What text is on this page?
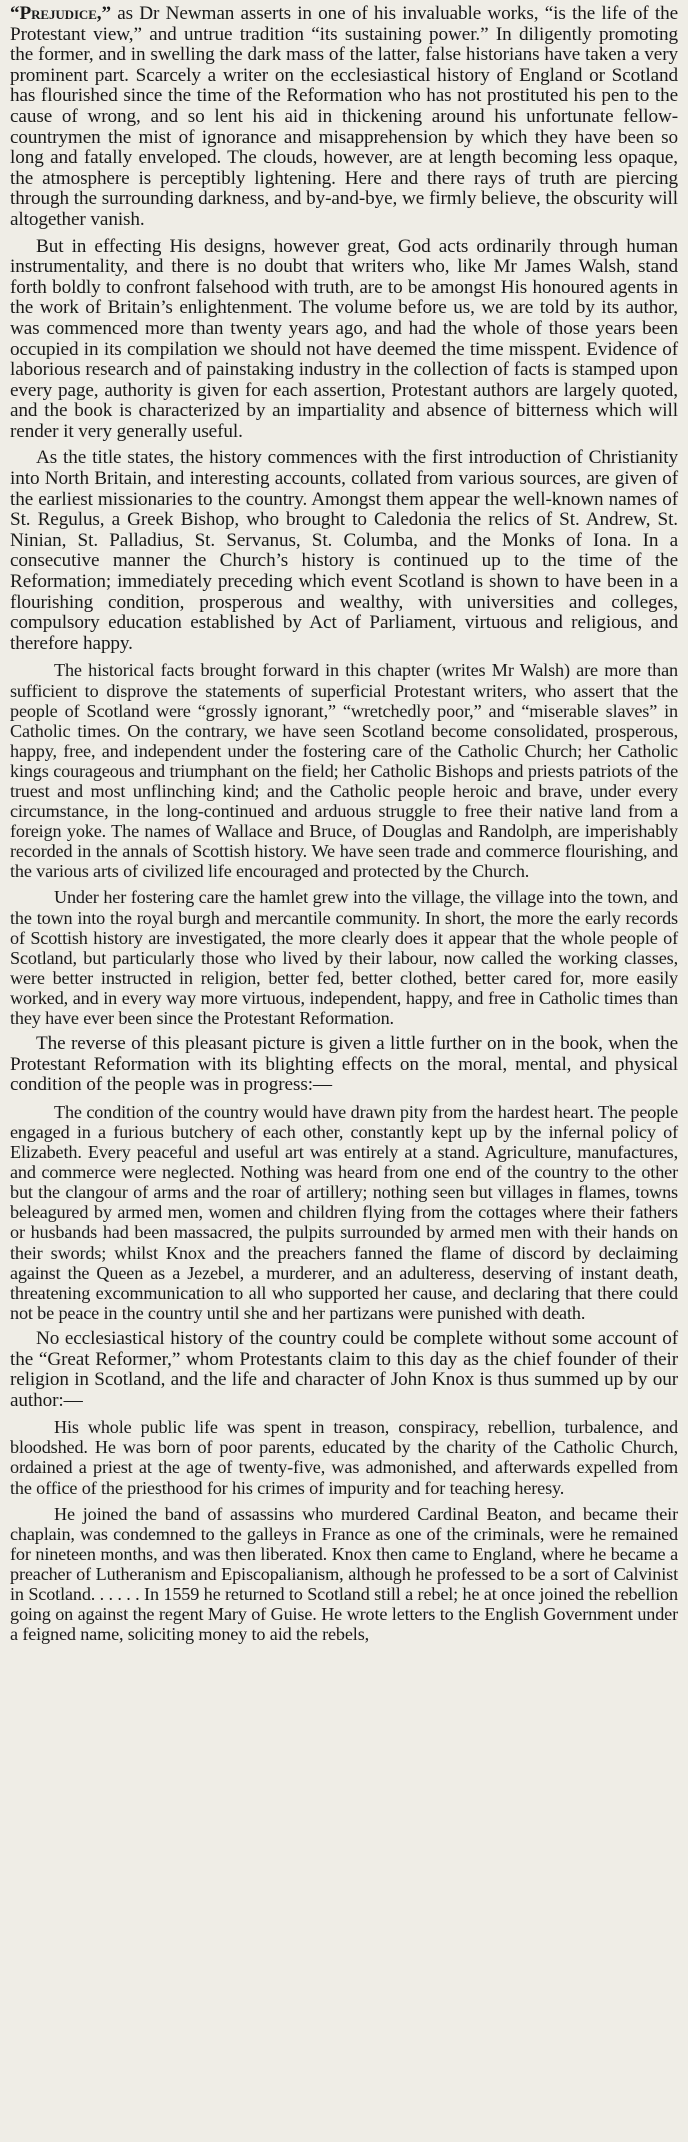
“Prejudice,” as Dr Newman asserts in one of his invaluable works, “is the life of the Protestant view,” and untrue tradition “its sustaining power.” In diligently promoting the former, and in swelling the dark mass of the latter, false historians have taken a very prominent part. Scarcely a writer on the ecclesiastical history of England or Scotland has flourished since the time of the Reformation who has not prostituted his pen to the cause of wrong, and so lent his aid in thickening around his unfortunate fellow-countrymen the mist of ignorance and misapprehension by which they have been so long and fatally enveloped. The clouds, however, are at length becoming less opaque, the atmosphere is perceptibly lightening. Here and there rays of truth are piercing through the surrounding darkness, and by-and-bye, we firmly believe, the obscurity will altogether vanish.

But in effecting His designs, however great, God acts ordinarily through human instrumentality, and there is no doubt that writers who, like Mr James Walsh, stand forth boldly to confront falsehood with truth, are to be amongst His honoured agents in the work of Britain’s enlightenment. The volume before us, we are told by its author, was commenced more than twenty years ago, and had the whole of those years been occupied in its compilation we should not have deemed the time misspent. Evidence of laborious research and of painstaking industry in the collection of facts is stamped upon every page, authority is given for each assertion, Protestant authors are largely quoted, and the book is characterized by an impartiality and absence of bitterness which will render it very generally useful.

As the title states, the history commences with the first introduction of Christianity into North Britain, and interesting accounts, collated from various sources, are given of the earliest missionaries to the country. Amongst them appear the well-known names of St. Regulus, a Greek Bishop, who brought to Caledonia the relics of St. Andrew, St. Ninian, St. Palladius, St. Servanus, St. Columba, and the Monks of Iona. In a consecutive manner the Church’s history is continued up to the time of the Reformation; immediately preceding which event Scotland is shown to have been in a flourishing condition, prosperous and wealthy, with universities and colleges, compulsory education established by Act of Parliament, virtuous and religious, and therefore happy.

The historical facts brought forward in this chapter (writes Mr Walsh) are more than sufficient to disprove the statements of superficial Protestant writers, who assert that the people of Scotland were “grossly ignorant,” “wretchedly poor,” and “miserable slaves” in Catholic times. On the contrary, we have seen Scotland become consolidated, prosperous, happy, free, and independent under the fostering care of the Catholic Church; her Catholic kings courageous and triumphant on the field; her Catholic Bishops and priests patriots of the truest and most unflinching kind; and the Catholic people heroic and brave, under every circumstance, in the long-continued and arduous struggle to free their native land from a foreign yoke. The names of Wallace and Bruce, of Douglas and Randolph, are imperishably recorded in the annals of Scottish history. We have seen trade and commerce flourishing, and the various arts of civilized life encouraged and protected by the Church.

Under her fostering care the hamlet grew into the village, the village into the town, and the town into the royal burgh and mercantile community. In short, the more the early records of Scottish history are investigated, the more clearly does it appear that the whole people of Scotland, but particularly those who lived by their labour, now called the working classes, were better instructed in religion, better fed, better clothed, better cared for, more easily worked, and in every way more virtuous, independent, happy, and free in Catholic times than they have ever been since the Protestant Reformation.

The reverse of this pleasant picture is given a little further on in the book, when the Protestant Reformation with its blighting effects on the moral, mental, and physical condition of the people was in progress:—

The condition of the country would have drawn pity from the hardest heart. The people engaged in a furious butchery of each other, constantly kept up by the infernal policy of Elizabeth. Every peaceful and useful art was entirely at a stand. Agriculture, manufactures, and commerce were neglected. Nothing was heard from one end of the country to the other but the clangour of arms and the roar of artillery; nothing seen but villages in flames, towns beleagured by armed men, women and children flying from the cottages where their fathers or husbands had been massacred, the pulpits surrounded by armed men with their hands on their swords; whilst Knox and the preachers fanned the flame of discord by declaiming against the Queen as a Jezebel, a murderer, and an adulteress, deserving of instant death, threatening excommunication to all who supported her cause, and declaring that there could not be peace in the country until she and her partizans were punished with death.

No ecclesiastical history of the country could be complete without some account of the “Great Reformer,” whom Protestants claim to this day as the chief founder of their religion in Scotland, and the life and character of John Knox is thus summed up by our author:—

His whole public life was spent in treason, conspiracy, rebellion, turbalence, and bloodshed. He was born of poor parents, educated by the charity of the Catholic Church, ordained a priest at the age of twenty-five, was admonished, and afterwards expelled from the office of the priesthood for his crimes of impurity and for teaching heresy.

He joined the band of assassins who murdered Cardinal Beaton, and became their chaplain, was condemned to the galleys in France as one of the criminals, were he remained for nineteen months, and was then liberated. Knox then came to England, where he became a preacher of Lutheranism and Episcopalianism, although he professed to be a sort of Calvinist in Scotland. . . . . . In 1559 he returned to Scotland still a rebel; he at once joined the rebellion going on against the regent Mary of Guise. He wrote letters to the English Government under a feigned name, soliciting money to aid the rebels,
